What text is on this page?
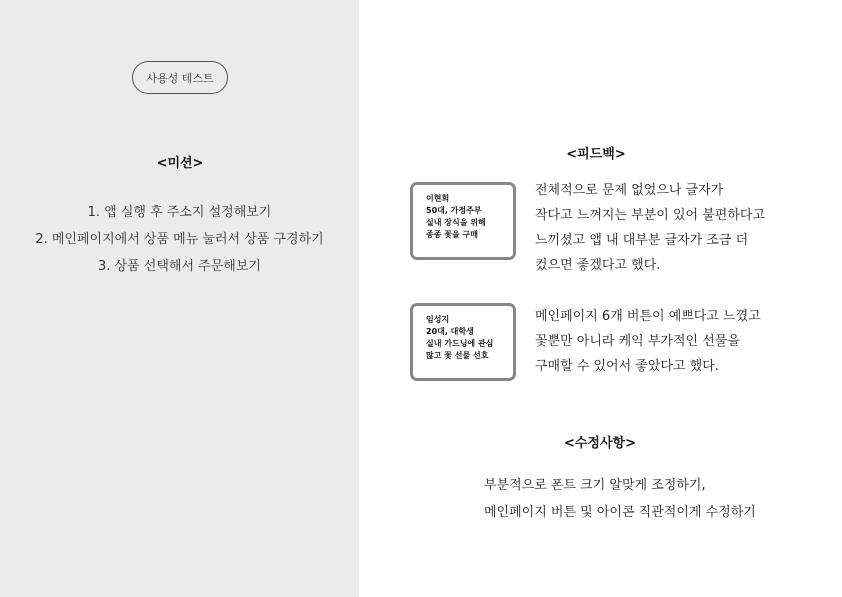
사용성 테스트
<미션>
1. 앱 실행 후 주소지 설정해보기
2. 메인페이지에서 상품 메뉴 눌러서 상품 구경하기
3. 상품 선택해서 주문해보기
<피드백>
이현희
50대, 가정주부
실내 장식을 위해
종종 꽃을 구매
전체적으로 문제 없었으나 글자가
작다고 느껴지는 부분이 있어 불편하다고
느끼셨고 앱 내 대부분 글자가 조금 더
컸으면 좋겠다고 했다.
임성지
20대, 대학생
실내 가드닝에 관심
많고 꽃 선물 선호
메인페이지 6개 버튼이 예쁘다고 느꼈고
꽃뿐만 아니라 케익 부가적인 선물을
구매할 수 있어서 좋았다고 했다.
<수정사항>
부분적으로 폰트 크기 알맞게 조정하기,
메인페이지 버튼 및 아이콘 직관적이게 수정하기
